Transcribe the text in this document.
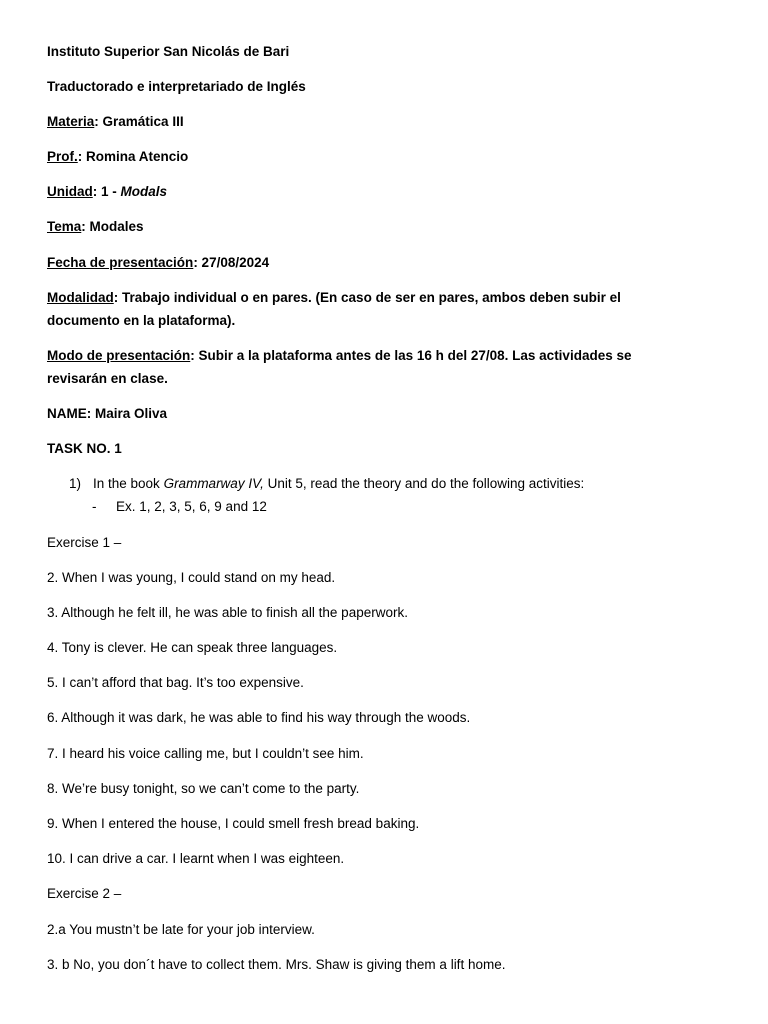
Instituto Superior San Nicolás de Bari

Traductorado e interpretariado de Inglés

Materia: Gramática III

Prof.: Romina Atencio

Unidad: 1 - Modals

Tema: Modales

Fecha de presentación: 27/08/2024

Modalidad: Trabajo individual o en pares. (En caso de ser en pares, ambos deben subir el documento en la plataforma).

Modo de presentación: Subir a la plataforma antes de las 16 h del 27/08. Las actividades se revisarán en clase.

NAME: Maira Oliva

TASK NO. 1

1) In the book Grammarway IV, Unit 5, read the theory and do the following activities:

- Ex. 1, 2, 3, 5, 6, 9 and 12

Exercise 1 –

2. When I was young, I could stand on my head.

3. Although he felt ill, he was able to finish all the paperwork.

4. Tony is clever. He can speak three languages.

5. I can’t afford that bag. It’s too expensive.

6. Although it was dark, he was able to find his way through the woods.

7. I heard his voice calling me, but I couldn’t see him.

8. We’re busy tonight, so we can’t come to the party.

9. When I entered the house, I could smell fresh bread baking.

10. I can drive a car. I learnt when I was eighteen.

Exercise 2 –

2.a You mustn’t be late for your job interview.

3. b No, you don´t have to collect them. Mrs. Shaw is giving them a lift home.
